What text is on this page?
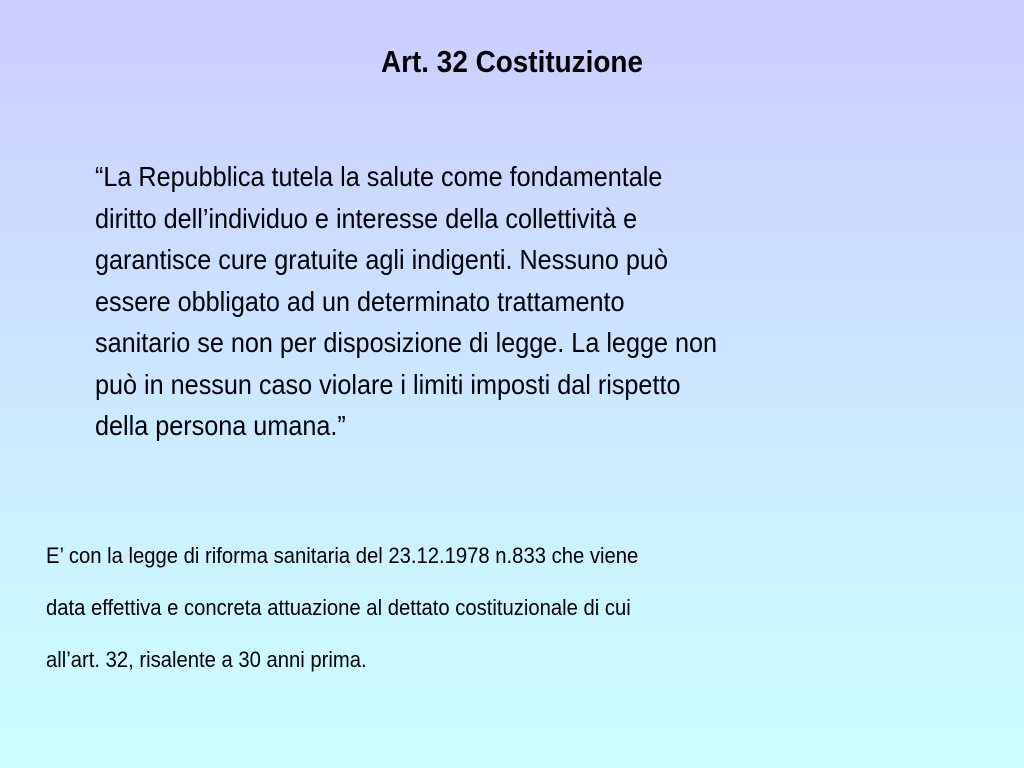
Art. 32 Costituzione

“La Repubblica tutela la salute come fondamentale
diritto dell’individuo e interesse della collettività e
garantisce cure gratuite agli indigenti. Nessuno può
essere obbligato ad un determinato trattamento
sanitario se non per disposizione di legge. La legge non
può in nessun caso violare i limiti imposti dal rispetto
della persona umana.”

E’ con la legge di riforma sanitaria del 23.12.1978 n.833 che viene
data effettiva e concreta attuazione al dettato costituzionale di cui
all’art. 32, risalente a 30 anni prima.
